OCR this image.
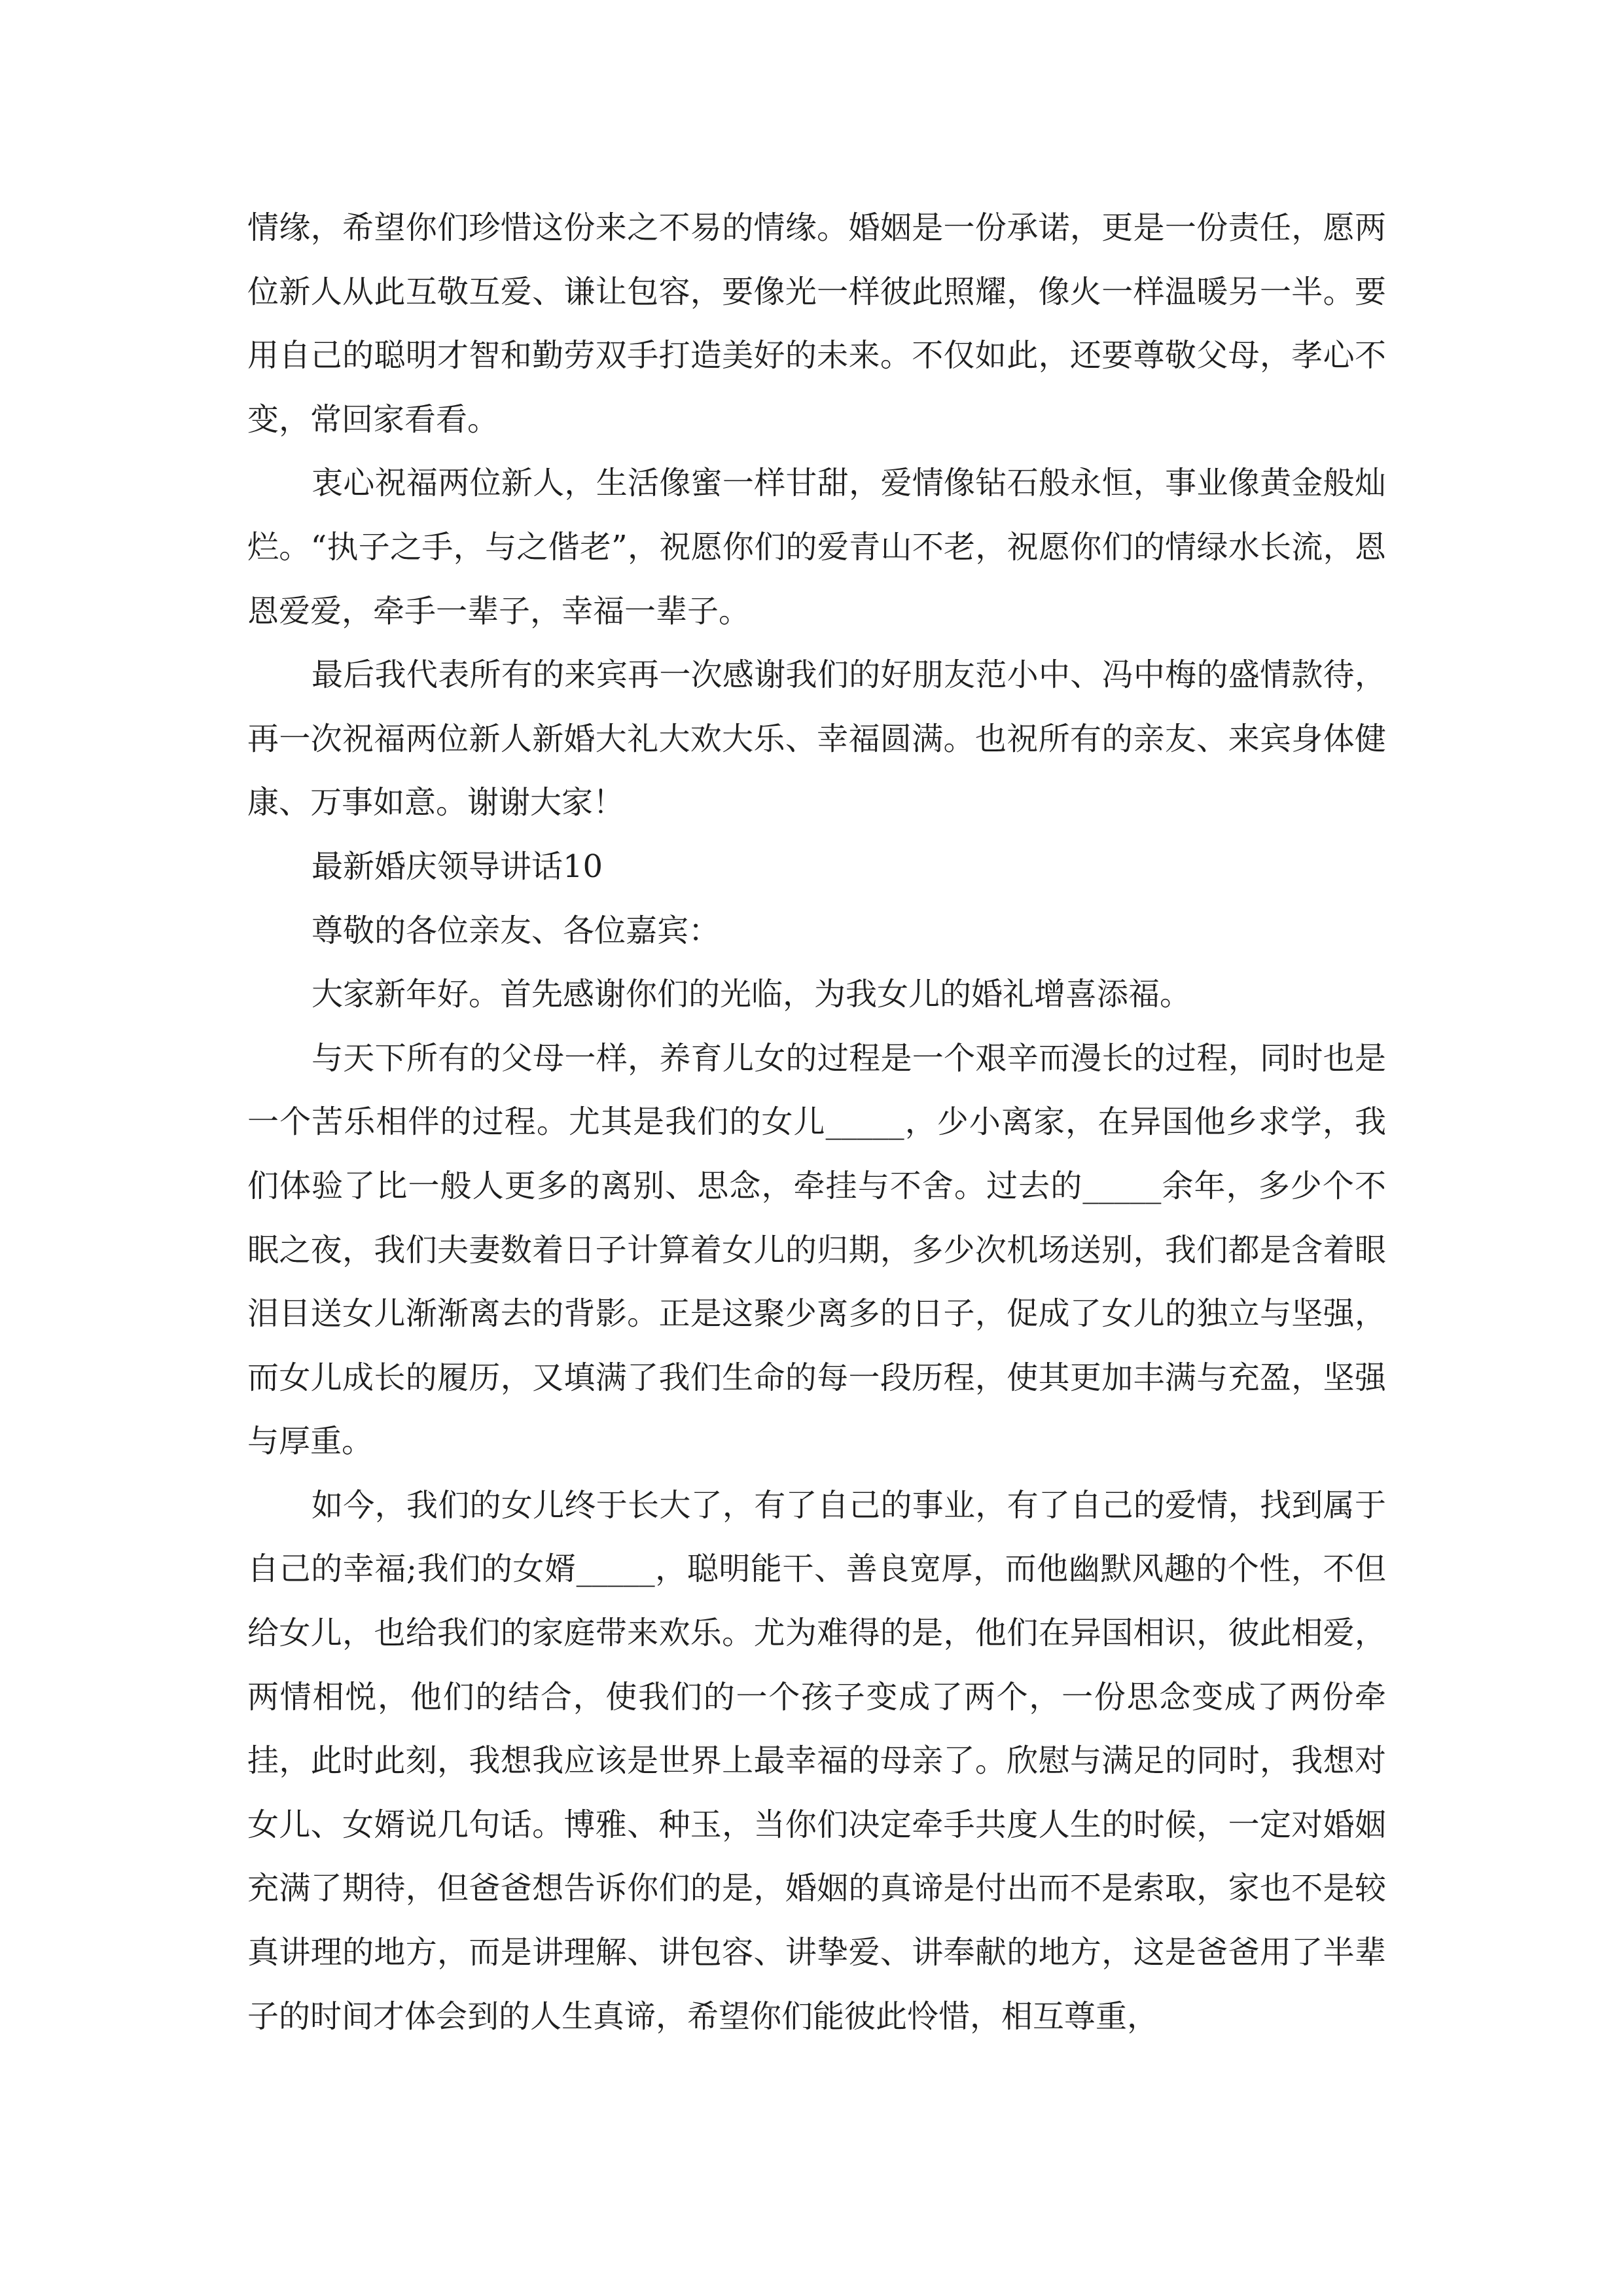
情缘，希望你们珍惜这份来之不易的情缘。婚姻是一份承诺，更是一份责任，愿两位新人从此互敬互爱、谦让包容，要像光一样彼此照耀，像火一样温暖另一半。要用自己的聪明才智和勤劳双手打造美好的未来。不仅如此，还要尊敬父母，孝心不变，常回家看看。

衷心祝福两位新人，生活像蜜一样甘甜，爱情像钻石般永恒，事业像黄金般灿烂。“执子之手，与之偕老”，祝愿你们的爱青山不老，祝愿你们的情绿水长流，恩恩爱爱，牵手一辈子，幸福一辈子。

最后我代表所有的来宾再一次感谢我们的好朋友范小中、冯中梅的盛情款待，再一次祝福两位新人新婚大礼大欢大乐、幸福圆满。也祝所有的亲友、来宾身体健康、万事如意。谢谢大家！

最新婚庆领导讲话10

尊敬的各位亲友、各位嘉宾：

大家新年好。首先感谢你们的光临，为我女儿的婚礼增喜添福。

与天下所有的父母一样，养育儿女的过程是一个艰辛而漫长的过程，同时也是一个苦乐相伴的过程。尤其是我们的女儿_____，少小离家，在异国他乡求学，我们体验了比一般人更多的离别、思念，牵挂与不舍。过去的_____余年，多少个不眠之夜，我们夫妻数着日子计算着女儿的归期，多少次机场送别，我们都是含着眼泪目送女儿渐渐离去的背影。正是这聚少离多的日子，促成了女儿的独立与坚强，而女儿成长的履历，又填满了我们生命的每一段历程，使其更加丰满与充盈，坚强与厚重。

如今，我们的女儿终于长大了，有了自己的事业，有了自己的爱情，找到属于自己的幸福;我们的女婿_____，聪明能干、善良宽厚，而他幽默风趣的个性，不但给女儿，也给我们的家庭带来欢乐。尤为难得的是，他们在异国相识，彼此相爱，两情相悦，他们的结合，使我们的一个孩子变成了两个，一份思念变成了两份牵挂，此时此刻，我想我应该是世界上最幸福的母亲了。欣慰与满足的同时，我想对女儿、女婿说几句话。博雅、种玉，当你们决定牵手共度人生的时候，一定对婚姻充满了期待，但爸爸想告诉你们的是，婚姻的真谛是付出而不是索取，家也不是较真讲理的地方，而是讲理解、讲包容、讲挚爱、讲奉献的地方，这是爸爸用了半辈子的时间才体会到的人生真谛，希望你们能彼此怜惜，相互尊重，
